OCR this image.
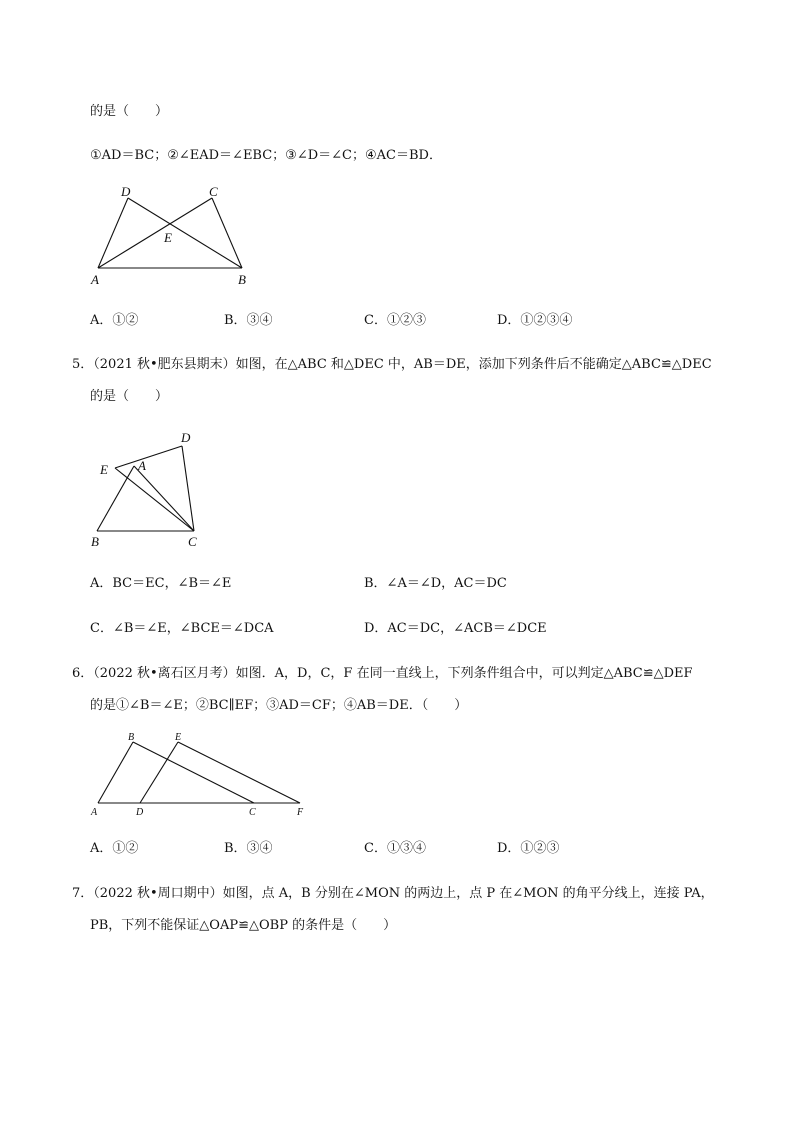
的是（　　）
①AD＝BC；②∠EAD＝∠EBC；③∠D＝∠C；④AC＝BD．
D	C
E
A	B
A．①②	B．③④	C．①②③	D．①②③④
5．（2021 秋•肥东县期末）如图，在△ABC 和△DEC 中，AB＝DE，添加下列条件后不能确定△ABC≌△DEC
的是（　　）
D
E A
B	C
A．BC＝EC，∠B＝∠E	B．∠A＝∠D，AC＝DC
C．∠B＝∠E，∠BCE＝∠DCA	D．AC＝DC，∠ACB＝∠DCE
6．（2022 秋•离石区月考）如图．A，D，C，F 在同一直线上，下列条件组合中，可以判定△ABC≌△DEF
的是①∠B＝∠E；②BC∥EF；③AD＝CF；④AB＝DE．（　　）
B	E
A	D	C	F
A．①②	B．③④	C．①③④	D．①②③
7．（2022 秋•周口期中）如图，点 A，B 分别在∠MON 的两边上，点 P 在∠MON 的角平分线上，连接 PA，
PB，下列不能保证△OAP≌△OBP 的条件是（　　）
